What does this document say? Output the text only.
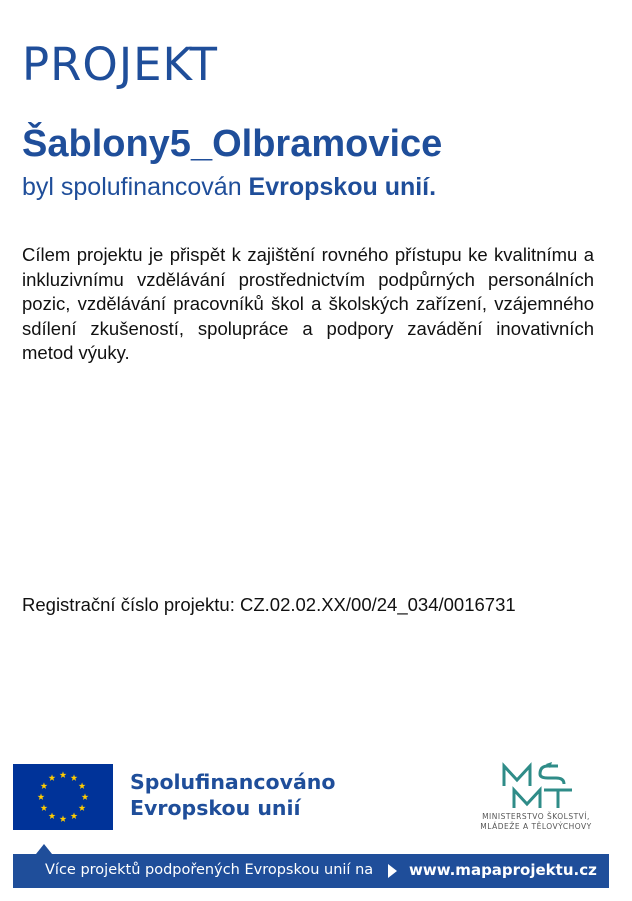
PROJEKT
Šablony5_Olbramovice
byl spolufinancován Evropskou unií.
Cílem projektu je přispět k zajištění rovného přístupu ke kvalitnímu a inkluzivnímu vzdělávání prostřednictvím podpůrných personálních pozic, vzdělávání pracovníků škol a školských zařízení, vzájemného sdílení zkušeností, spolupráce a podpory zavádění inovativních metod výuky.
Registrační číslo projektu: CZ.02.02.XX/00/24_034/0016731
Spolufinancováno
Evropskou unií	MINISTERSTVO ŠKOLSTVÍ,
MLÁDEŽE A TĚLOVÝCHOVY
Více projektů podpořených Evropskou unií na www.mapaprojektu.cz
